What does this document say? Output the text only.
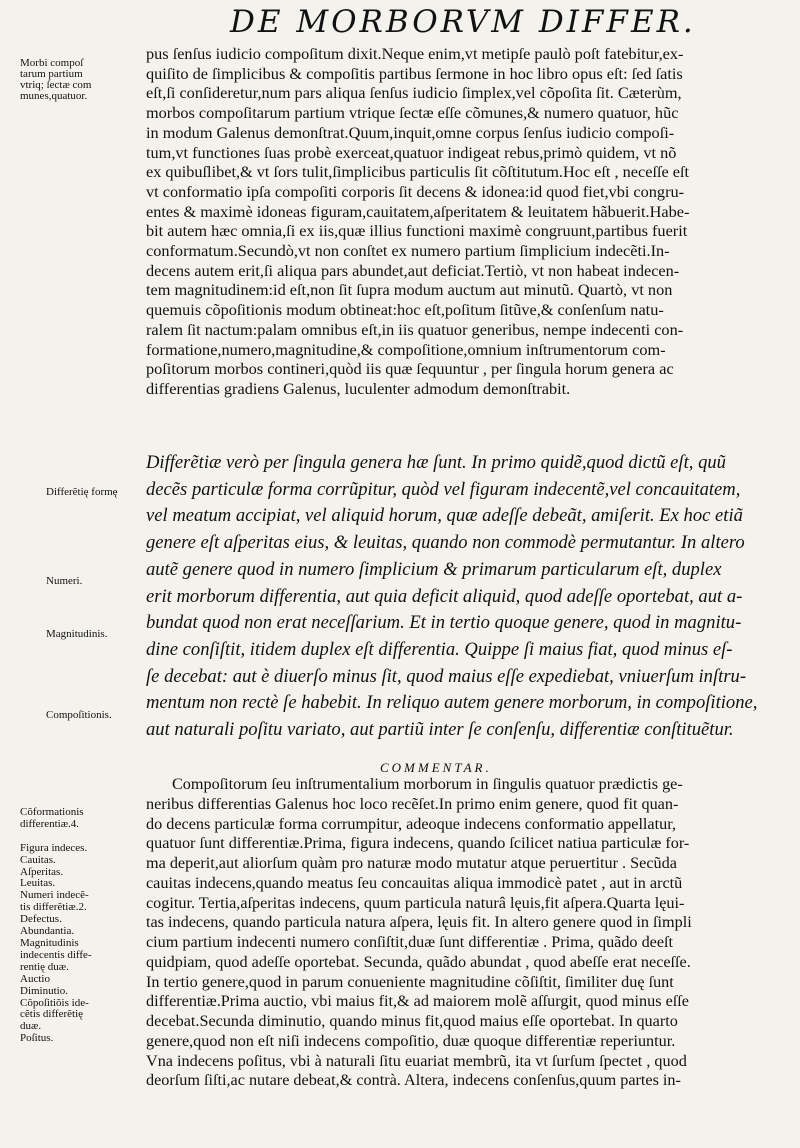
DE MORBORVM DIFFER.
Morbi compoſ
tarum partium
vtriq; ſectæ com
munes,quatuor.
pus ſenſus iudicio compoſitum dixit.Neque enim,vt metipſe paulò poſt fatebitur,ex-
quiſito de ſimplicibus & compoſitis partibus ſermone in hoc libro opus eſt: ſed ſatis
eſt,ſi conſideretur,num pars aliqua ſenſus iudicio ſimplex,vel cõpoſita ſit. Cæterùm,
morbos compoſitarum partium vtrique ſectæ eſſe cõmunes,& numero quatuor, hũc
in modum Galenus demonſtrat.Quum,inquit,omne corpus ſenſus iudicio compoſi-
tum,vt functiones ſuas probè exerceat,quatuor indigeat rebus,primò quidem, vt nõ
ex quibuſlibet,& vt ſors tulit,ſimplicibus particulis ſit cõſtitutum.Hoc eſt , neceſſe eſt
vt conformatio ipſa compoſiti corporis ſit decens & idonea:id quod fiet,vbi congru-
entes & maximè idoneas figuram,cauitatem,aſperitatem & leuitatem hãbuerit.Habe-
bit autem hæc omnia,ſi ex iis,quæ illius functioni maximè congruunt,partibus fuerit
conformatum.Secundò,vt non conſtet ex numero partium ſimplicium indecẽti.In-
decens autem erit,ſi aliqua pars abundet,aut deficiat.Tertiò, vt non habeat indecen-
tem magnitudinem:id eſt,non ſit ſupra modum auctum aut minutũ. Quartò, vt non
quemuis cõpoſitionis modum obtineat:hoc eſt,poſitum ſitũve,& conſenſum natu-
ralem ſit nactum:palam omnibus eſt,in iis quatuor generibus, nempe indecenti con-
formatione,numero,magnitudine,& compoſitione,omnium inſtrumentorum com-
poſitorum morbos contineri,quòd iis quæ ſequuntur , per ſingula horum genera ac
differentias gradiens Galenus, luculenter admodum demonſtrabit.
Differẽtię formę
Numeri.
Magnitudinis.
Compoſitionis.
Differẽtiæ verò per ſingula genera hæ ſunt. In primo quidẽ,quod dictũ eſt, quũ
decẽs particulæ forma corrũpitur, quòd vel figuram indecentẽ,vel concauitatem,
vel meatum accipiat, vel aliquid horum, quæ adeſſe debeãt, amiſerit. Ex hoc etiã
genere eſt aſperitas eius, & leuitas, quando non commodè permutantur. In altero
autẽ genere quod in numero ſimplicium & primarum particularum eſt, duplex
erit morborum differentia, aut quia deficit aliquid, quod adeſſe oportebat, aut a-
bundat quod non erat neceſſarium. Et in tertio quoque genere, quod in magnitu-
dine conſiſtit, itidem duplex eſt differentia. Quippe ſi maius fiat, quod minus eſ-
ſe decebat: aut è diuerſo minus ſit, quod maius eſſe expediebat, vniuerſum inſtru-
mentum non rectè ſe habebit. In reliquo autem genere morborum, in compoſitione,
aut naturali poſitu variato, aut partiũ inter ſe conſenſu, differentiæ conſtituẽtur.
COMMENTAR.
Cõformationis
differentiæ.4.

Figura indeces.
Cauitas.
Aſperitas.
Leuitas.
Numeri indecẽ-
tis differẽtiæ.2.
Defectus.
Abundantia.
Magnitudinis
indecentis diffe-
rentię duæ.
Auctio
Diminutio.
Cõpoſitiõis ide-
cẽtis differẽtię
duæ.
Poſitus.
Compoſitorum ſeu inſtrumentalium morborum in ſingulis quatuor prædictis ge-
neribus differentias Galenus hoc loco recẽſet.In primo enim genere, quod fit quan-
do decens particulæ forma corrumpitur, adeoque indecens conformatio appellatur,
quatuor ſunt differentiæ.Prima, figura indecens, quando ſcilicet natiua particulæ for-
ma deperit,aut aliorſum quàm pro naturæ modo mutatur atque peruertitur . Secũda
cauitas indecens,quando meatus ſeu concauitas aliqua immodicè patet , aut in arctũ
cogitur. Tertia,aſperitas indecens, quum particula naturâ lęuis,fit aſpera.Quarta lęui-
tas indecens, quando particula natura aſpera, lęuis fit. In altero genere quod in ſimpli
cium partium indecenti numero conſiſtit,duæ ſunt differentiæ . Prima, quãdo deeſt
quidpiam, quod adeſſe oportebat. Secunda, quãdo abundat , quod abeſſe erat neceſſe.
In tertio genere,quod in parum conueniente magnitudine cõſiſtit, ſimiliter duę ſunt
differentiæ.Prima auctio, vbi maius fit,& ad maiorem molẽ aſſurgit, quod minus eſſe
decebat.Secunda diminutio, quando minus fit,quod maius eſſe oportebat. In quarto
genere,quod non eſt niſi indecens compoſitio, duæ quoque differentiæ reperiuntur.
Vna indecens poſitus, vbi à naturali ſitu euariat membrũ, ita vt ſurſum ſpectet , quod
deorſum ſiſti,ac nutare debeat,& contrà. Altera, indecens conſenſus,quum partes in-
